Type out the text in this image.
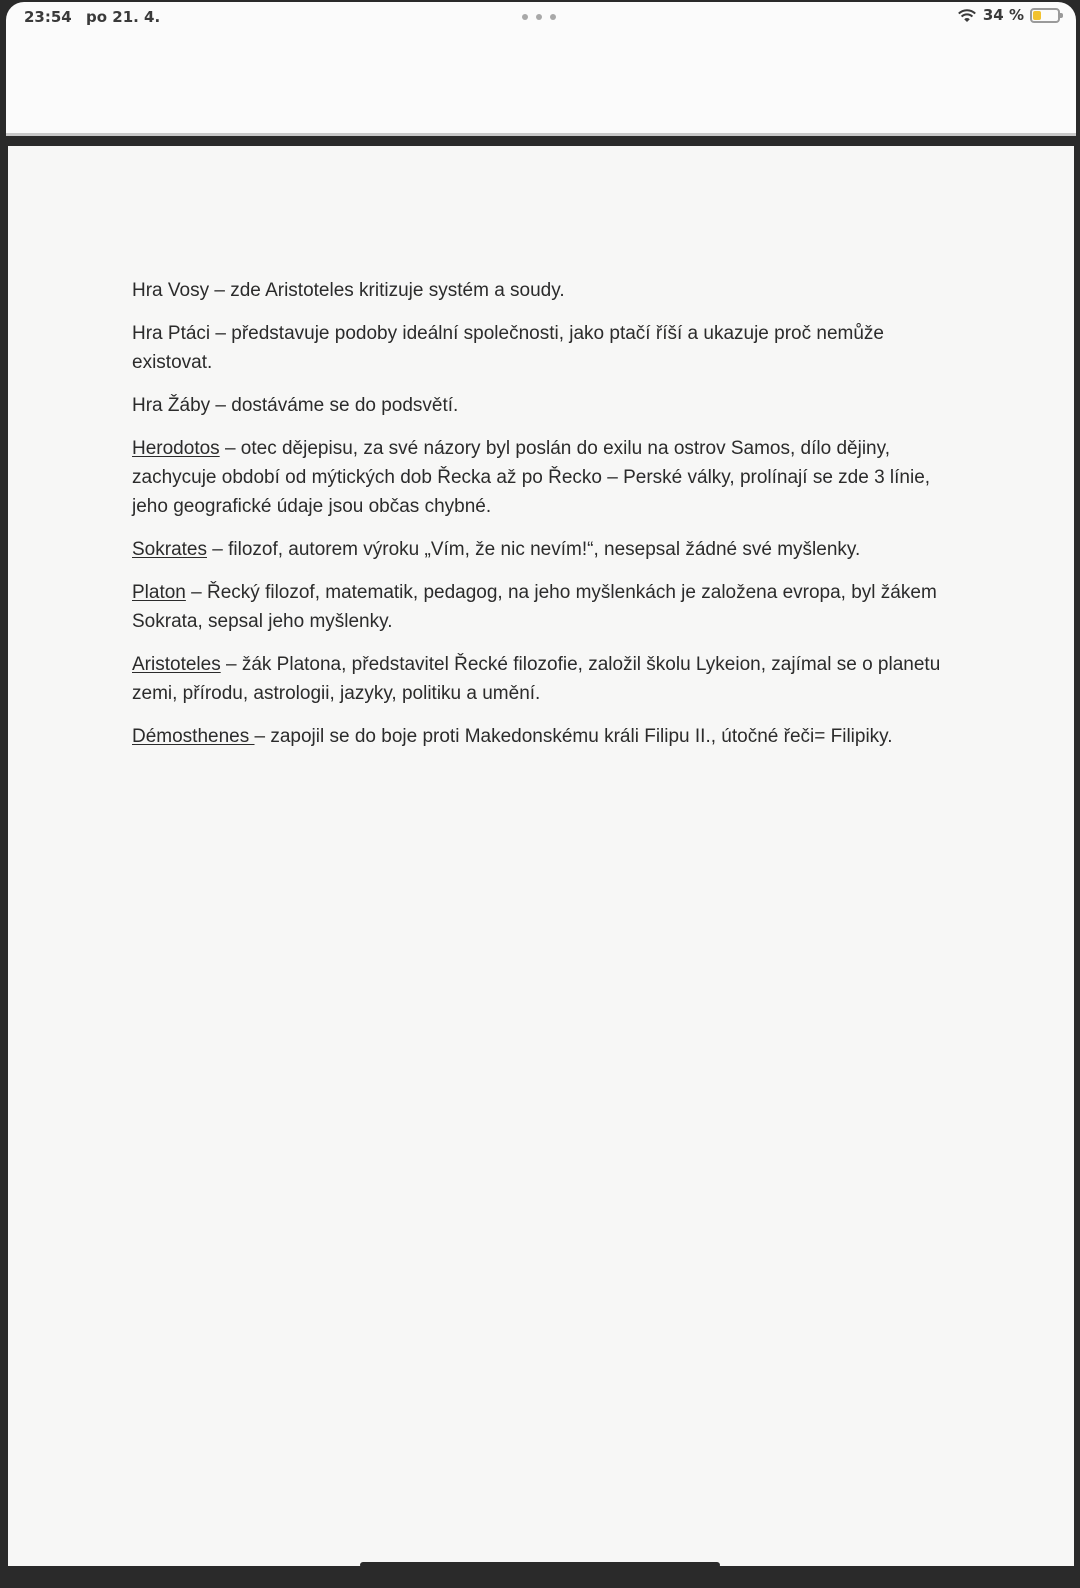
23:54 po 21. 4.	34 %

Hra Vosy – zde Aristoteles kritizuje systém a soudy.

Hra Ptáci – představuje podoby ideální společnosti, jako ptačí říší a ukazuje proč nemůže existovat.

Hra Žáby – dostáváme se do podsvětí.

Herodotos – otec dějepisu, za své názory byl poslán do exilu na ostrov Samos, dílo dějiny, zachycuje období od mýtických dob Řecka až po Řecko – Perské války, prolínají se zde 3 línie, jeho geografické údaje jsou občas chybné.

Sokrates – filozof, autorem výroku „Vím, že nic nevím!“, nesepsal žádné své myšlenky.

Platon – Řecký filozof, matematik, pedagog, na jeho myšlenkách je založena evropa, byl žákem Sokrata, sepsal jeho myšlenky.

Aristoteles – žák Platona, představitel Řecké filozofie, založil školu Lykeion, zajímal se o planetu zemi, přírodu, astrologii, jazyky, politiku a umění.

Démosthenes – zapojil se do boje proti Makedonskému králi Filipu II., útočné řeči= Filipiky.
